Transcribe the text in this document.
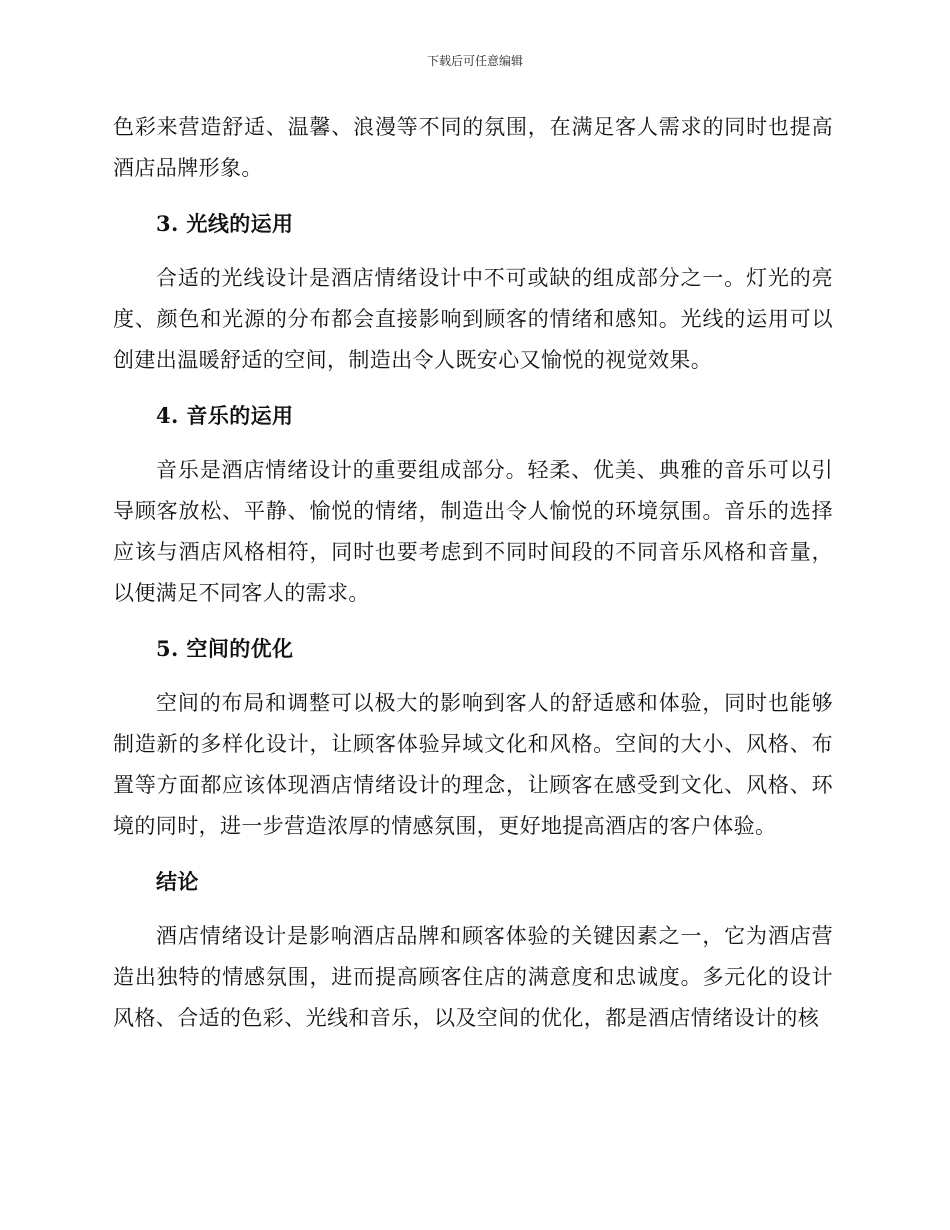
下载后可任意编辑

色彩来营造舒适、温馨、浪漫等不同的氛围，在满足客人需求的同时也提高酒店品牌形象。

3. 光线的运用

合适的光线设计是酒店情绪设计中不可或缺的组成部分之一。灯光的亮度、颜色和光源的分布都会直接影响到顾客的情绪和感知。光线的运用可以创建出温暖舒适的空间，制造出令人既安心又愉悦的视觉效果。

4. 音乐的运用

音乐是酒店情绪设计的重要组成部分。轻柔、优美、典雅的音乐可以引导顾客放松、平静、愉悦的情绪，制造出令人愉悦的环境氛围。音乐的选择应该与酒店风格相符，同时也要考虑到不同时间段的不同音乐风格和音量，以便满足不同客人的需求。

5. 空间的优化

空间的布局和调整可以极大的影响到客人的舒适感和体验，同时也能够制造新的多样化设计，让顾客体验异域文化和风格。空间的大小、风格、布置等方面都应该体现酒店情绪设计的理念，让顾客在感受到文化、风格、环境的同时，进一步营造浓厚的情感氛围，更好地提高酒店的客户体验。

结论

酒店情绪设计是影响酒店品牌和顾客体验的关键因素之一，它为酒店营造出独特的情感氛围，进而提高顾客住店的满意度和忠诚度。多元化的设计风格、合适的色彩、光线和音乐，以及空间的优化，都是酒店情绪设计的核
